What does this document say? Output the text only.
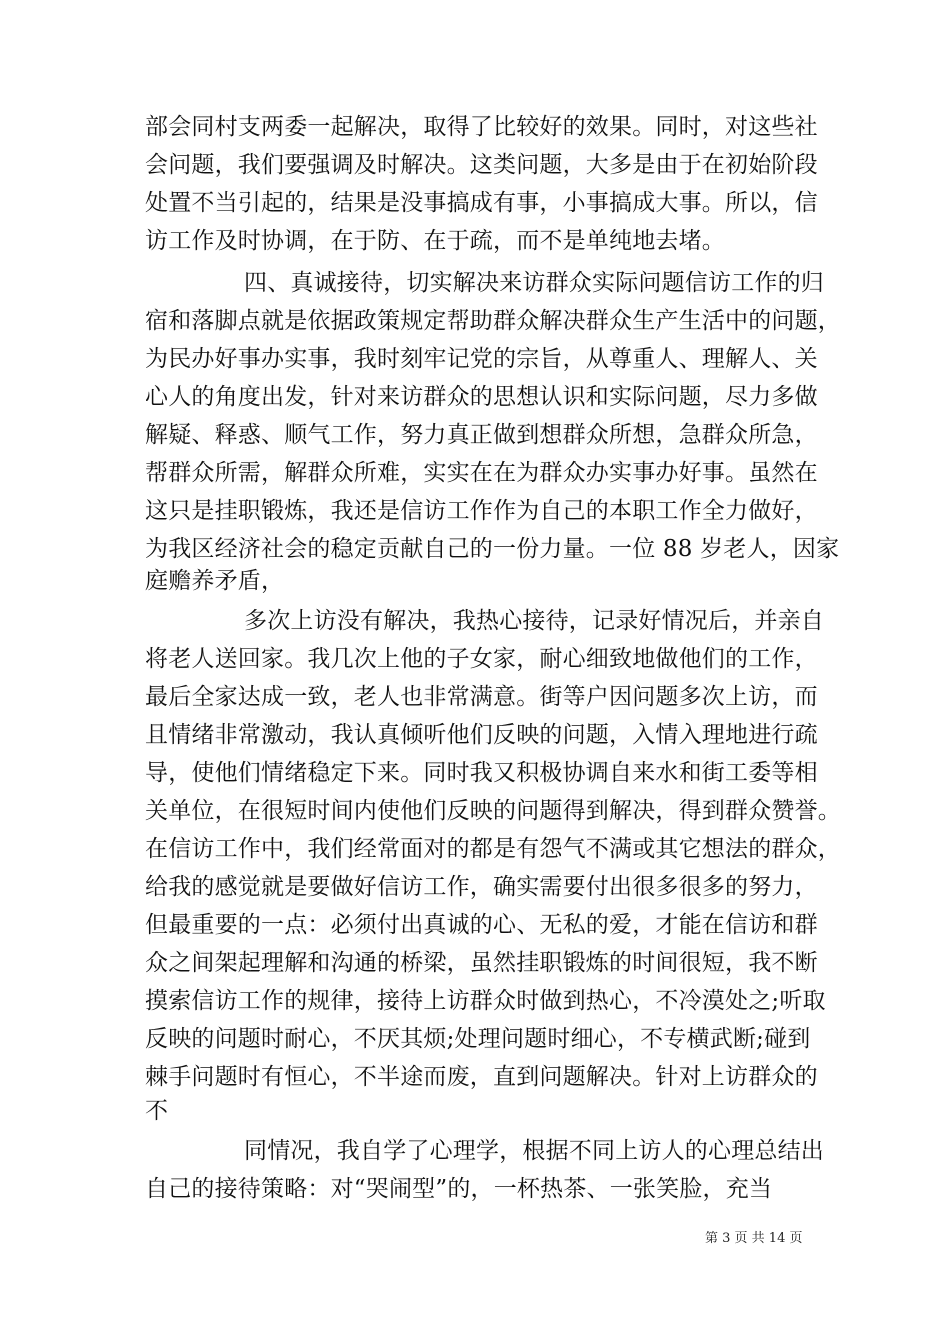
部会同村支两委一起解决，取得了比较好的效果。同时，对这些社
会问题，我们要强调及时解决。这类问题，大多是由于在初始阶段
处置不当引起的，结果是没事搞成有事，小事搞成大事。所以，信
访工作及时协调，在于防、在于疏，而不是单纯地去堵。
四、真诚接待，切实解决来访群众实际问题信访工作的归
宿和落脚点就是依据政策规定帮助群众解决群众生产生活中的问题，
为民办好事办实事，我时刻牢记党的宗旨，从尊重人、理解人、关
心人的角度出发，针对来访群众的思想认识和实际问题，尽力多做
解疑、释惑、顺气工作，努力真正做到想群众所想，急群众所急，
帮群众所需，解群众所难，实实在在为群众办实事办好事。虽然在
这只是挂职锻炼，我还是信访工作作为自己的本职工作全力做好，
为我区经济社会的稳定贡献自己的一份力量。一位 88 岁老人，因家
庭赡养矛盾，
多次上访没有解决，我热心接待，记录好情况后，并亲自
将老人送回家。我几次上他的子女家，耐心细致地做他们的工作，
最后全家达成一致，老人也非常满意。街等户因问题多次上访，而
且情绪非常激动，我认真倾听他们反映的问题，入情入理地进行疏
导，使他们情绪稳定下来。同时我又积极协调自来水和街工委等相
关单位，在很短时间内使他们反映的问题得到解决，得到群众赞誉。
在信访工作中，我们经常面对的都是有怨气不满或其它想法的群众，
给我的感觉就是要做好信访工作，确实需要付出很多很多的努力，
但最重要的一点：必须付出真诚的心、无私的爱，才能在信访和群
众之间架起理解和沟通的桥梁，虽然挂职锻炼的时间很短，我不断
摸索信访工作的规律，接待上访群众时做到热心，不冷漠处之;听取
反映的问题时耐心，不厌其烦;处理问题时细心，不专横武断;碰到
棘手问题时有恒心，不半途而废，直到问题解决。针对上访群众的
不
同情况，我自学了心理学，根据不同上访人的心理总结出
自己的接待策略：对“哭闹型”的，一杯热茶、一张笑脸，充当
第 3 页 共 14 页
